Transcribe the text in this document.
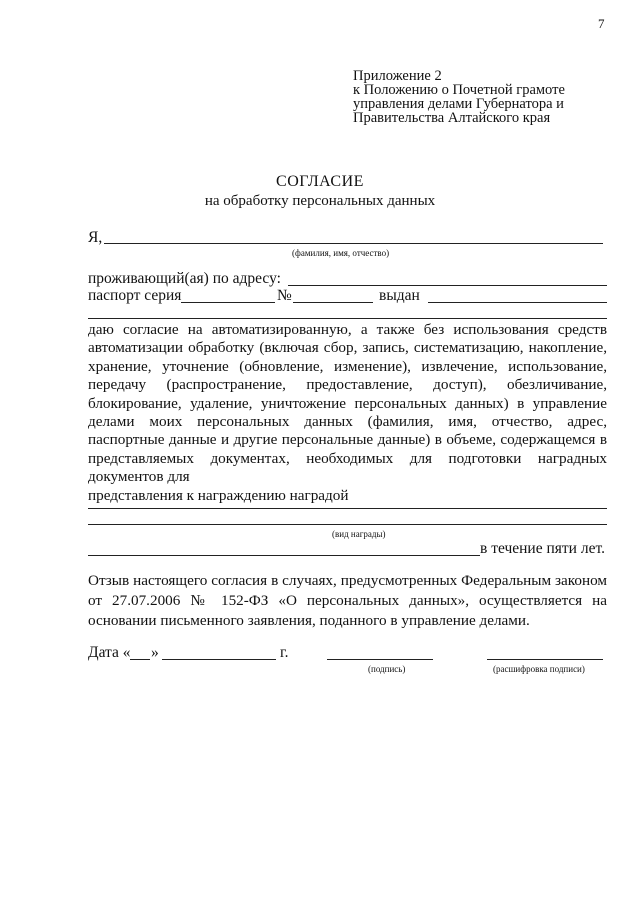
7
Приложение 2
к Положению о Почетной грамоте
управления делами Губернатора и
Правительства Алтайского края
СОГЛАСИЕ
на обработку персональных данных
Я,
(фамилия, имя, отчество)
проживающий(ая) по адресу:
паспорт серия	№	выдан
даю согласие на автоматизированную, а также без использования средств автоматизации обработку (включая сбор, запись, систематизацию, накопление, хранение, уточнение (обновление, изменение), извлечение, использование, передачу (распространение, предоставление, доступ), обезличивание, блокирование, удаление, уничтожение персональных данных) в управление делами моих персональных данных (фамилия, имя, отчество, адрес, паспортные данные и другие персональные данные) в объеме, содержащемся в представляемых документах, необходимых для подготовки наградных документов для
представления к награждению наградой
(вид награды)
в течение пяти лет.
Отзыв настоящего согласия в случаях, предусмотренных Федеральным законом от 27.07.2006 № 152-ФЗ «О персональных данных», осуществляется на основании письменного заявления, поданного в управление делами.
Дата « »	г.
(подпись)	(расшифровка подписи)
